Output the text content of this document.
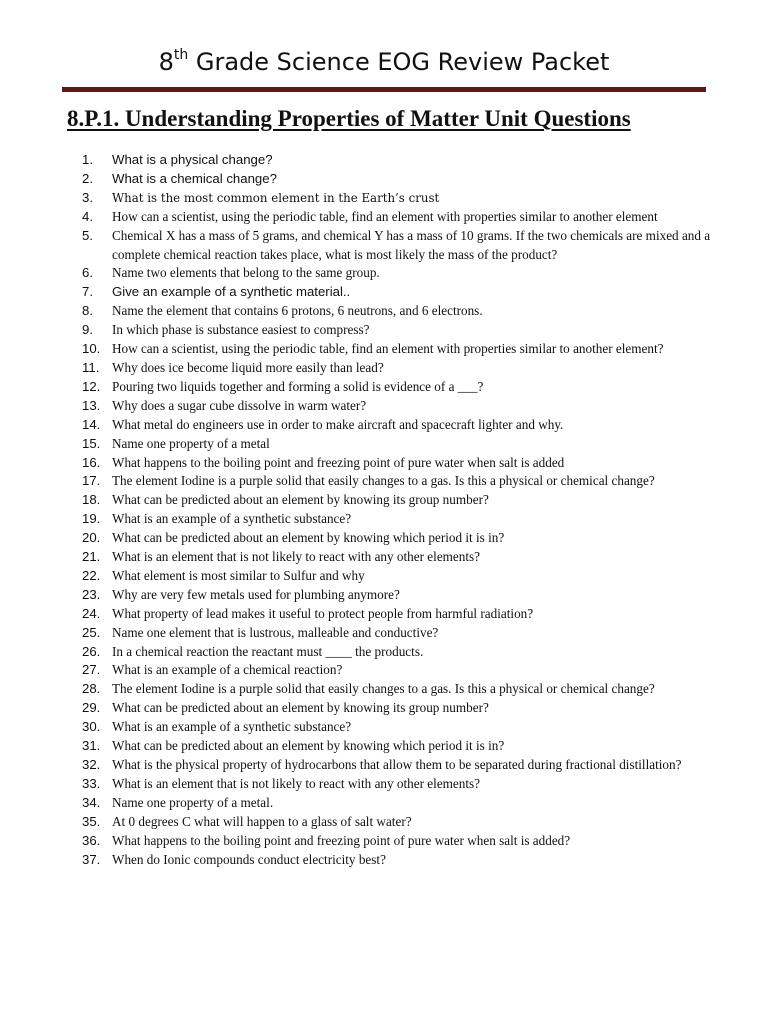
8th Grade Science EOG Review Packet
8.P.1. Understanding Properties of Matter Unit Questions
1.	What is a physical change?
2.	What is a chemical change?
3.	What is the most common element in the Earth’s crust
4.	How can a scientist, using the periodic table, find an element with properties similar to another element
5.	Chemical X has a mass of 5 grams, and chemical Y has a mass of 10 grams. If the two chemicals are mixed and a complete chemical reaction takes place, what is most likely the mass of the product?
6.	Name two elements that belong to the same group.
7.	Give an example of a synthetic material..
8.	Name the element that contains 6 protons, 6 neutrons, and 6 electrons.
9.	In which phase is substance easiest to compress?
10. How can a scientist, using the periodic table, find an element with properties similar to another element?
11. Why does ice become liquid more easily than lead?
12. Pouring two liquids together and forming a solid is evidence of a ___?
13. Why does a sugar cube dissolve in warm water?
14. What metal do engineers use in order to make aircraft and spacecraft lighter and why.
15. Name one property of a metal
16. What happens to the boiling point and freezing point of pure water when salt is added
17. The element Iodine is a purple solid that easily changes to a gas. Is this a physical or chemical change?
18. What can be predicted about an element by knowing its group number?
19. What is an example of a synthetic substance?
20. What can be predicted about an element by knowing which period it is in?
21. What is an element that is not likely to react with any other elements?
22. What element is most similar to Sulfur and why
23. Why are very few metals used for plumbing anymore?
24. What property of lead makes it useful to protect people from harmful radiation?
25. Name one element that is lustrous, malleable and conductive?
26. In a chemical reaction the reactant must ____ the products.
27. What is an example of a chemical reaction?
28. The element Iodine is a purple solid that easily changes to a gas. Is this a physical or chemical change?
29. What can be predicted about an element by knowing its group number?
30. What is an example of a synthetic substance?
31. What can be predicted about an element by knowing which period it is in?
32. What is the physical property of hydrocarbons that allow them to be separated during fractional distillation?
33. What is an element that is not likely to react with any other elements?
34. Name one property of a metal.
35. At 0 degrees C what will happen to a glass of salt water?
36. What happens to the boiling point and freezing point of pure water when salt is added?
37. When do Ionic compounds conduct electricity best?
